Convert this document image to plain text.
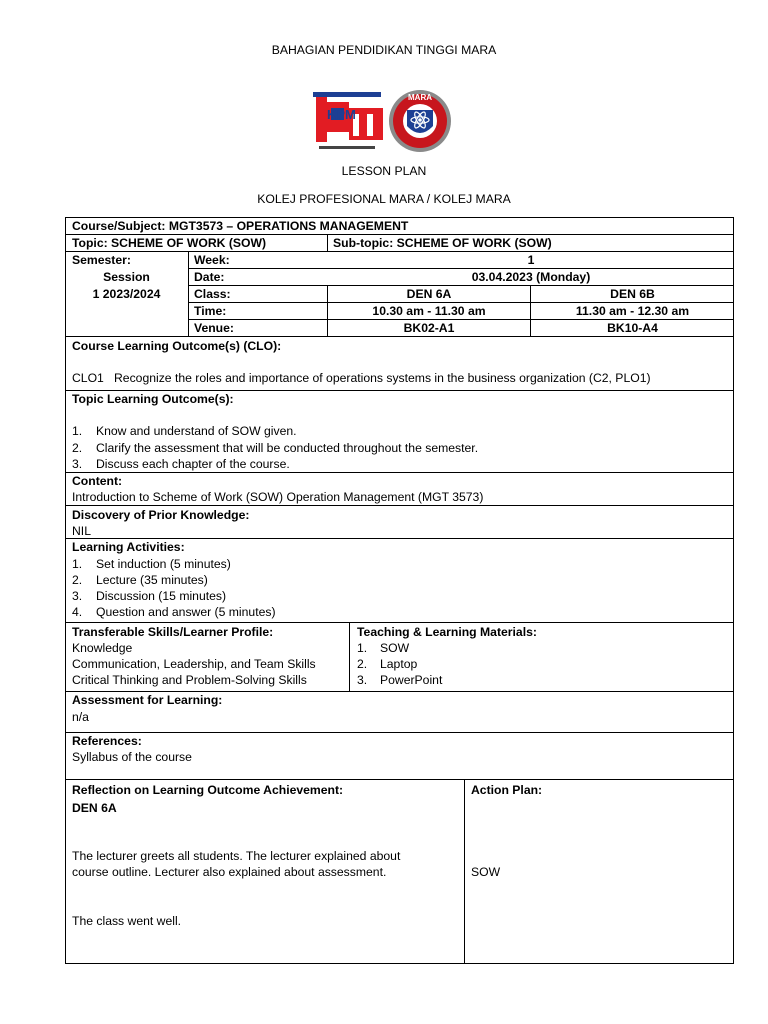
BAHAGIAN PENDIDIKAN TINGGI MARA
KPM
MARA
LESSON PLAN
KOLEJ PROFESIONAL MARA / KOLEJ MARA
Course/Subject: MGT3573 – OPERATIONS MANAGEMENT
Topic: SCHEME OF WORK (SOW)	Sub-topic: SCHEME OF WORK (SOW)
Semester:
Session
1 2023/2024
Week:	1
Date:	03.04.2023 (Monday)
Class:	DEN 6A	DEN 6B
Time:	10.30 am - 11.30 am	11.30 am - 12.30 am
Venue:	BK02-A1	BK10-A4
Course Learning Outcome(s) (CLO):
CLO1 Recognize the roles and importance of operations systems in the business organization (C2, PLO1)
Topic Learning Outcome(s):
1. Know and understand of SOW given.
2. Clarify the assessment that will be conducted throughout the semester.
3. Discuss each chapter of the course.
Content:
Introduction to Scheme of Work (SOW) Operation Management (MGT 3573)
Discovery of Prior Knowledge:
NIL
Learning Activities:
1. Set induction (5 minutes)
2. Lecture (35 minutes)
3. Discussion (15 minutes)
4. Question and answer (5 minutes)
Transferable Skills/Learner Profile:
Knowledge
Communication, Leadership, and Team Skills
Critical Thinking and Problem-Solving Skills
Teaching & Learning Materials:
1. SOW
2. Laptop
3. PowerPoint
Assessment for Learning:
n/a
References:
Syllabus of the course
Reflection on Learning Outcome Achievement:
DEN 6A
The lecturer greets all students. The lecturer explained about
course outline. Lecturer also explained about assessment.
The class went well.
Action Plan:
SOW
